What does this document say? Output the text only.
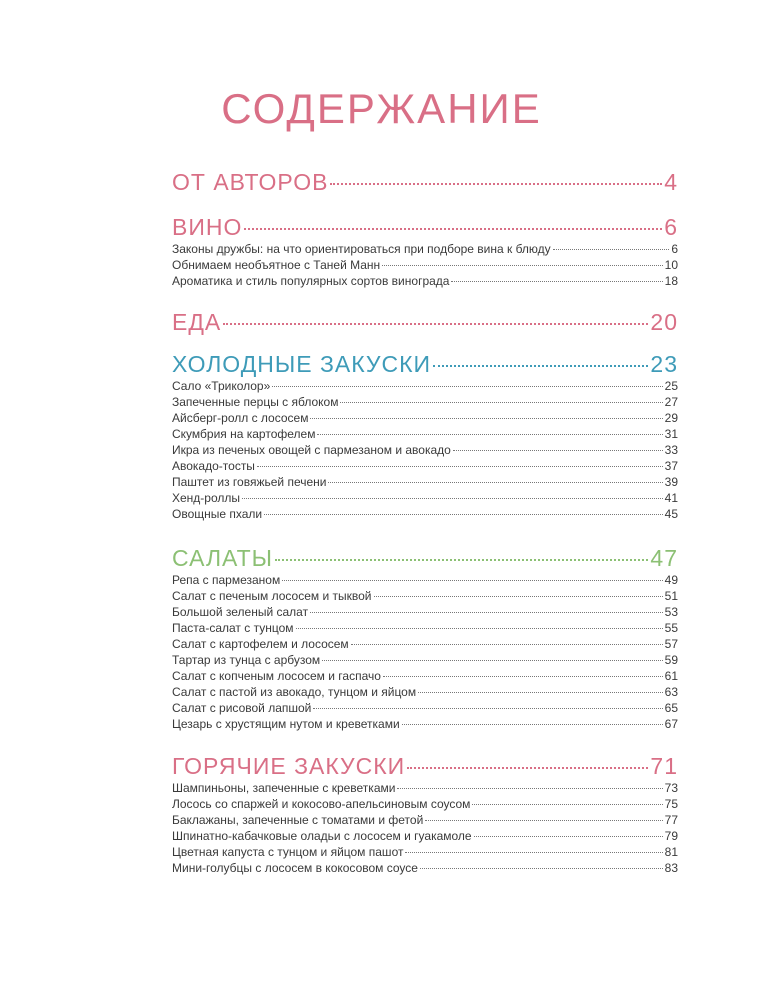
СОДЕРЖАНИЕ
ОТ АВТОРОВ	4
ВИНО	6
Законы дружбы: на что ориентироваться при подборе вина к блюду	6
Обнимаем необъятное с Таней Манн	10
Ароматика и стиль популярных сортов винограда	18
ЕДА	20
ХОЛОДНЫЕ ЗАКУСКИ	23
Сало «Триколор»	25
Запеченные перцы с яблоком	27
Айсберг-ролл с лососем	29
Скумбрия на картофелем	31
Икра из печеных овощей с пармезаном и авокадо	33
Авокадо-тосты	37
Паштет из говяжьей печени	39
Хенд-роллы	41
Овощные пхали	45
САЛАТЫ	47
Репа с пармезаном	49
Салат с печеным лососем и тыквой	51
Большой зеленый салат	53
Паста-салат с тунцом	55
Салат с картофелем и лососем	57
Тартар из тунца с арбузом	59
Салат с копченым лососем и гаспачо	61
Салат с пастой из авокадо, тунцом и яйцом	63
Салат с рисовой лапшой	65
Цезарь с хрустящим нутом и креветками	67
ГОРЯЧИЕ ЗАКУСКИ	71
Шампиньоны, запеченные с креветками	73
Лосось со спаржей и кокосово-апельсиновым соусом	75
Баклажаны, запеченные с томатами и фетой	77
Шпинатно-кабачковые оладьи с лососем и гуакамоле	79
Цветная капуста с тунцом и яйцом пашот	81
Мини-голубцы с лососем в кокосовом соусе	83
